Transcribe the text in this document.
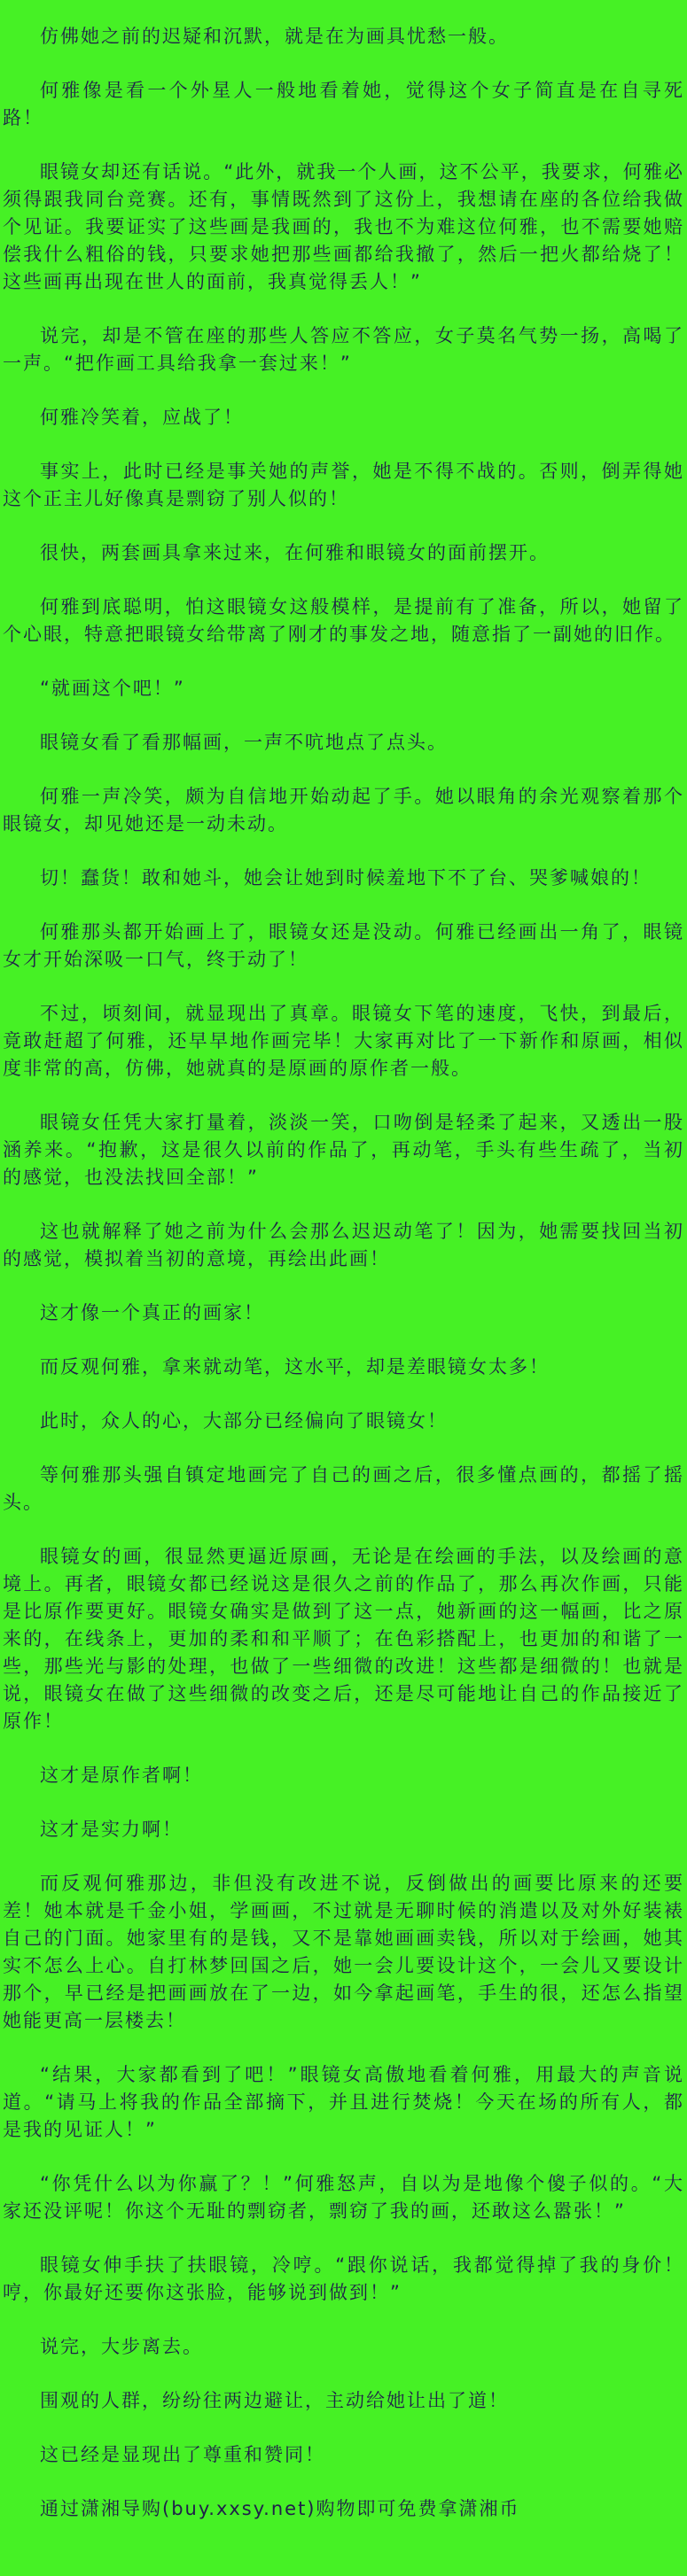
仿佛她之前的迟疑和沉默，就是在为画具忧愁一般。

何雅像是看一个外星人一般地看着她，觉得这个女子简直是在自寻死路！

眼镜女却还有话说。“此外，就我一个人画，这不公平，我要求，何雅必须得跟我同台竞赛。还有，事情既然到了这份上，我想请在座的各位给我做个见证。我要证实了这些画是我画的，我也不为难这位何雅，也不需要她赔偿我什么粗俗的钱，只要求她把那些画都给我撤了，然后一把火都给烧了！这些画再出现在世人的面前，我真觉得丢人！”

说完，却是不管在座的那些人答应不答应，女子莫名气势一扬，高喝了一声。“把作画工具给我拿一套过来！”

何雅冷笑着，应战了！

事实上，此时已经是事关她的声誉，她是不得不战的。否则，倒弄得她这个正主儿好像真是剽窃了别人似的！

很快，两套画具拿来过来，在何雅和眼镜女的面前摆开。

何雅到底聪明，怕这眼镜女这般模样，是提前有了准备，所以，她留了个心眼，特意把眼镜女给带离了刚才的事发之地，随意指了一副她的旧作。

“就画这个吧！”

眼镜女看了看那幅画，一声不吭地点了点头。

何雅一声冷笑，颇为自信地开始动起了手。她以眼角的余光观察着那个眼镜女，却见她还是一动未动。

切！蠢货！敢和她斗，她会让她到时候羞地下不了台、哭爹喊娘的！

何雅那头都开始画上了，眼镜女还是没动。何雅已经画出一角了，眼镜女才开始深吸一口气，终于动了！

不过，顷刻间，就显现出了真章。眼镜女下笔的速度，飞快，到最后，竟敢赶超了何雅，还早早地作画完毕！大家再对比了一下新作和原画，相似度非常的高，仿佛，她就真的是原画的原作者一般。

眼镜女任凭大家打量着，淡淡一笑，口吻倒是轻柔了起来，又透出一股涵养来。“抱歉，这是很久以前的作品了，再动笔，手头有些生疏了，当初的感觉，也没法找回全部！”

这也就解释了她之前为什么会那么迟迟动笔了！因为，她需要找回当初的感觉，模拟着当初的意境，再绘出此画！

这才像一个真正的画家！

而反观何雅，拿来就动笔，这水平，却是差眼镜女太多！

此时，众人的心，大部分已经偏向了眼镜女！

等何雅那头强自镇定地画完了自己的画之后，很多懂点画的，都摇了摇头。

眼镜女的画，很显然更逼近原画，无论是在绘画的手法，以及绘画的意境上。再者，眼镜女都已经说这是很久之前的作品了，那么再次作画，只能是比原作要更好。眼镜女确实是做到了这一点，她新画的这一幅画，比之原来的，在线条上，更加的柔和和平顺了；在色彩搭配上，也更加的和谐了一些，那些光与影的处理，也做了一些细微的改进！这些都是细微的！也就是说，眼镜女在做了这些细微的改变之后，还是尽可能地让自己的作品接近了原作！

这才是原作者啊！

这才是实力啊！

而反观何雅那边，非但没有改进不说，反倒做出的画要比原来的还要差！她本就是千金小姐，学画画，不过就是无聊时候的消遣以及对外好装裱自己的门面。她家里有的是钱，又不是靠她画画卖钱，所以对于绘画，她其实不怎么上心。自打林梦回国之后，她一会儿要设计这个，一会儿又要设计那个，早已经是把画画放在了一边，如今拿起画笔，手生的很，还怎么指望她能更高一层楼去！

“结果，大家都看到了吧！”眼镜女高傲地看着何雅，用最大的声音说道。“请马上将我的作品全部摘下，并且进行焚烧！今天在场的所有人，都是我的见证人！”

“你凭什么以为你赢了？！”何雅怒声，自以为是地像个傻子似的。“大家还没评呢！你这个无耻的剽窃者，剽窃了我的画，还敢这么嚣张！”

眼镜女伸手扶了扶眼镜，冷哼。“跟你说话，我都觉得掉了我的身价！哼，你最好还要你这张脸，能够说到做到！”

说完，大步离去。

围观的人群，纷纷往两边避让，主动给她让出了道！

这已经是显现出了尊重和赞同！

通过潇湘导购(buy.xxsy.net)购物即可免费拿潇湘币
